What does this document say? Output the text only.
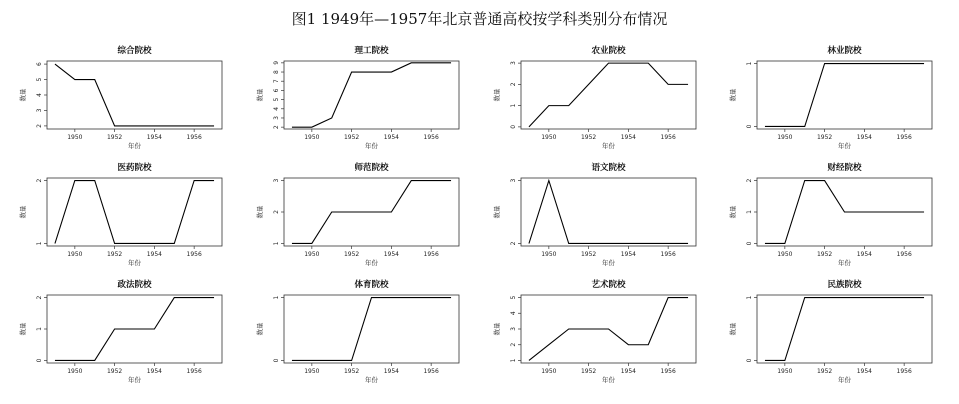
图1 1949年—1957年北京普通高校按学科类别分布情况
综合院校
1950	1952	1954	1956
年份
2
3
4
5
6
数量
理工院校
1950	1952	1954	1956
年份
2
3
4
5
6
7
8
9
数量
农业院校
1950	1952	1954	1956
年份
0
1
2
3
数量
林业院校
1950	1952	1954	1956
年份
0
1
数量
医药院校
1950	1952	1954	1956
年份
1
2
数量
师范院校
1950	1952	1954	1956
年份
1
2
3
数量
语文院校
1950	1952	1954	1956
年份
2
3
数量
财经院校
1950	1952	1954	1956
年份
0
1
2
数量
政法院校
1950	1952	1954	1956
年份
0
1
2
数量
体育院校
1950	1952	1954	1956
年份
0
1
数量
艺术院校
1950	1952	1954	1956
年份
1
2
3
4
5
数量
民族院校
1950	1952	1954	1956
年份
0
1
数量
